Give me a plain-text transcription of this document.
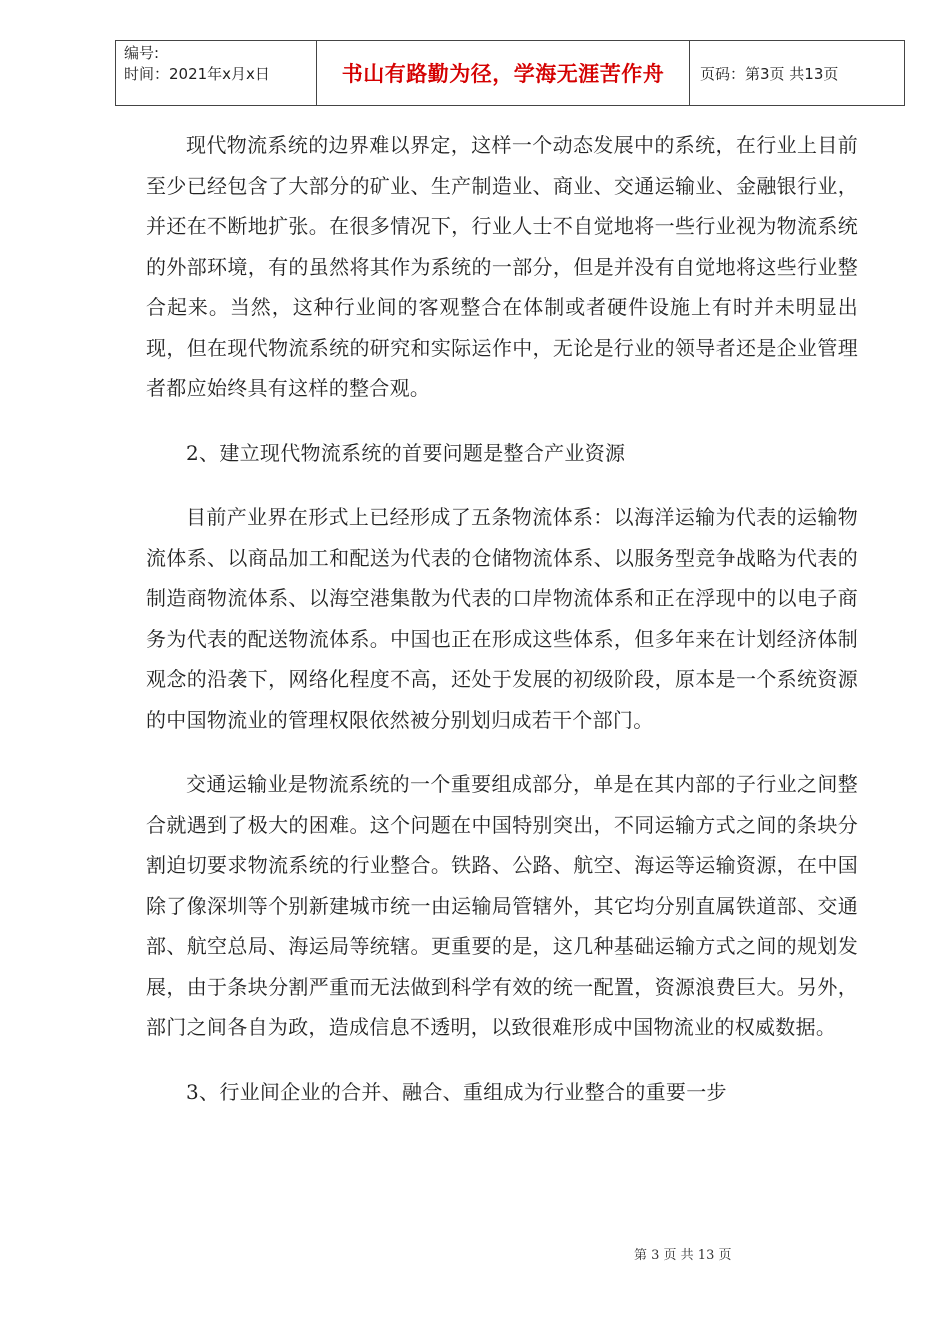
编号:
时间：2021年x月x日	书山有路勤为径，学海无涯苦作舟	页码：第3页 共13页

现代物流系统的边界难以界定，这样一个动态发展中的系统，在行业上目前至少已经包含了大部分的矿业、生产制造业、商业、交通运输业、金融银行业，并还在不断地扩张。在很多情况下，行业人士不自觉地将一些行业视为物流系统的外部环境，有的虽然将其作为系统的一部分，但是并没有自觉地将这些行业整合起来。当然，这种行业间的客观整合在体制或者硬件设施上有时并未明显出现，但在现代物流系统的研究和实际运作中，无论是行业的领导者还是企业管理者都应始终具有这样的整合观。

2、建立现代物流系统的首要问题是整合产业资源

目前产业界在形式上已经形成了五条物流体系：以海洋运输为代表的运输物流体系、以商品加工和配送为代表的仓储物流体系、以服务型竞争战略为代表的制造商物流体系、以海空港集散为代表的口岸物流体系和正在浮现中的以电子商务为代表的配送物流体系。中国也正在形成这些体系，但多年来在计划经济体制观念的沿袭下，网络化程度不高，还处于发展的初级阶段，原本是一个系统资源的中国物流业的管理权限依然被分别划归成若干个部门。

交通运输业是物流系统的一个重要组成部分，单是在其内部的子行业之间整合就遇到了极大的困难。这个问题在中国特别突出，不同运输方式之间的条块分割迫切要求物流系统的行业整合。铁路、公路、航空、海运等运输资源，在中国除了像深圳等个别新建城市统一由运输局管辖外，其它均分别直属铁道部、交通部、航空总局、海运局等统辖。更重要的是，这几种基础运输方式之间的规划发展，由于条块分割严重而无法做到科学有效的统一配置，资源浪费巨大。另外，部门之间各自为政，造成信息不透明，以致很难形成中国物流业的权威数据。

3、行业间企业的合并、融合、重组成为行业整合的重要一步

第 3 页 共 13 页
